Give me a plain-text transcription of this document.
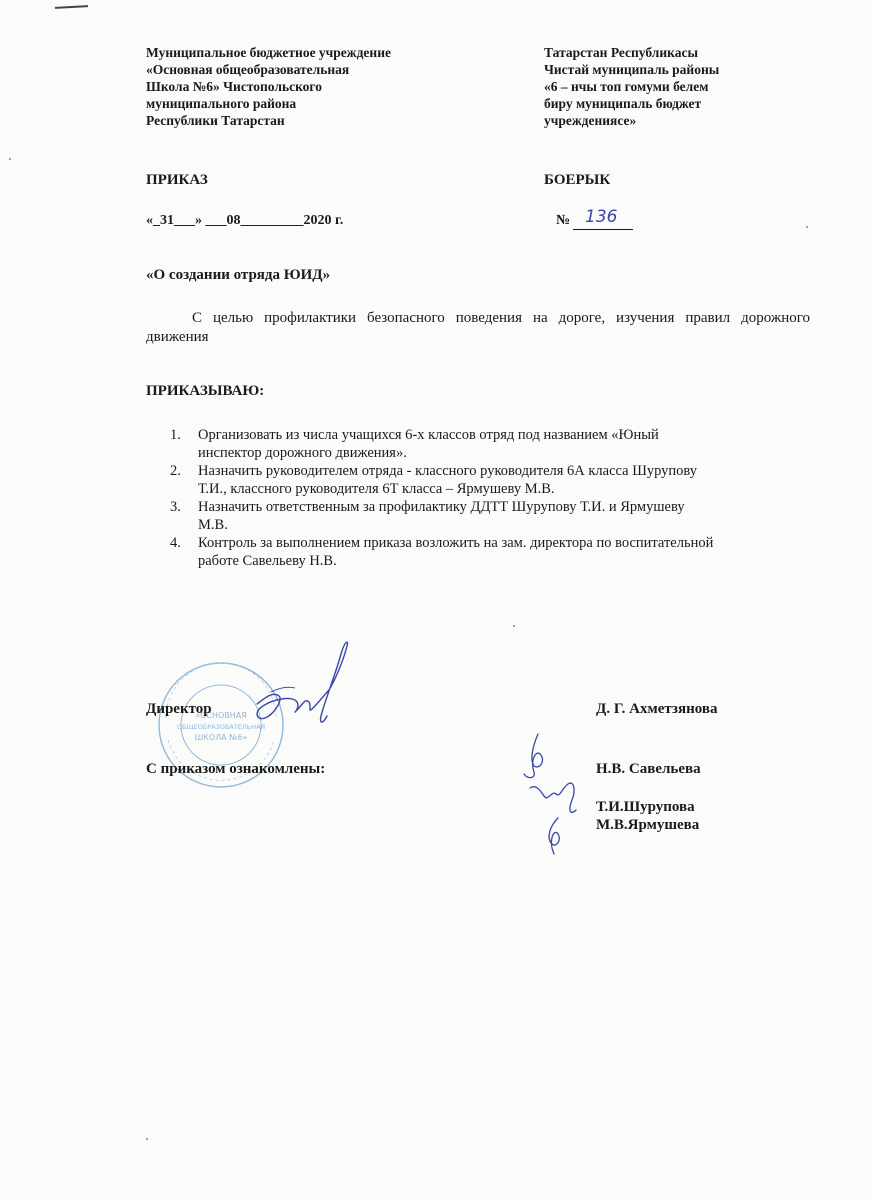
Муниципальное бюджетное учреждение
«Основная общеобразовательная
Школа №6» Чистопольского
муниципального района
Республики Татарстан
Татарстан Республикасы
Чистай муниципаль районы
«6 – нчы топ гомуми белем
биру муниципаль бюджет
учреждениясе»
ПРИКАЗ	БОЕРЫК
«_31___» ___08_________2020 г.	№ 136
«О создании отряда ЮИД»
С целью профилактики безопасного поведения на дороге, изучения правил дорожного движения
ПРИКАЗЫВАЮ:
1. Организовать из числа учащихся 6-х классов отряд под названием «Юный
инспектор дорожного движения».
2. Назначить руководителем отряда - классного руководителя 6А класса Шурупову
Т.И., классного руководителя 6Т класса – Ярмушеву М.В.
3. Назначить ответственным за профилактику ДДТТ Шурупову Т.И. и Ярмушеву
М.В.
4. Контроль за выполнением приказа возложить на зам. директора по воспитательной
работе Савельеву Н.В.
«ОСНОВНАЯ
ОБЩЕОБРАЗОВАТЕЛЬНАЯ
ШКОЛА №6»
Директор	Д. Г. Ахметзянова
С приказом ознакомлены:	Н.В. Савельева
Т.И.Шурупова
М.В.Ярмушева
